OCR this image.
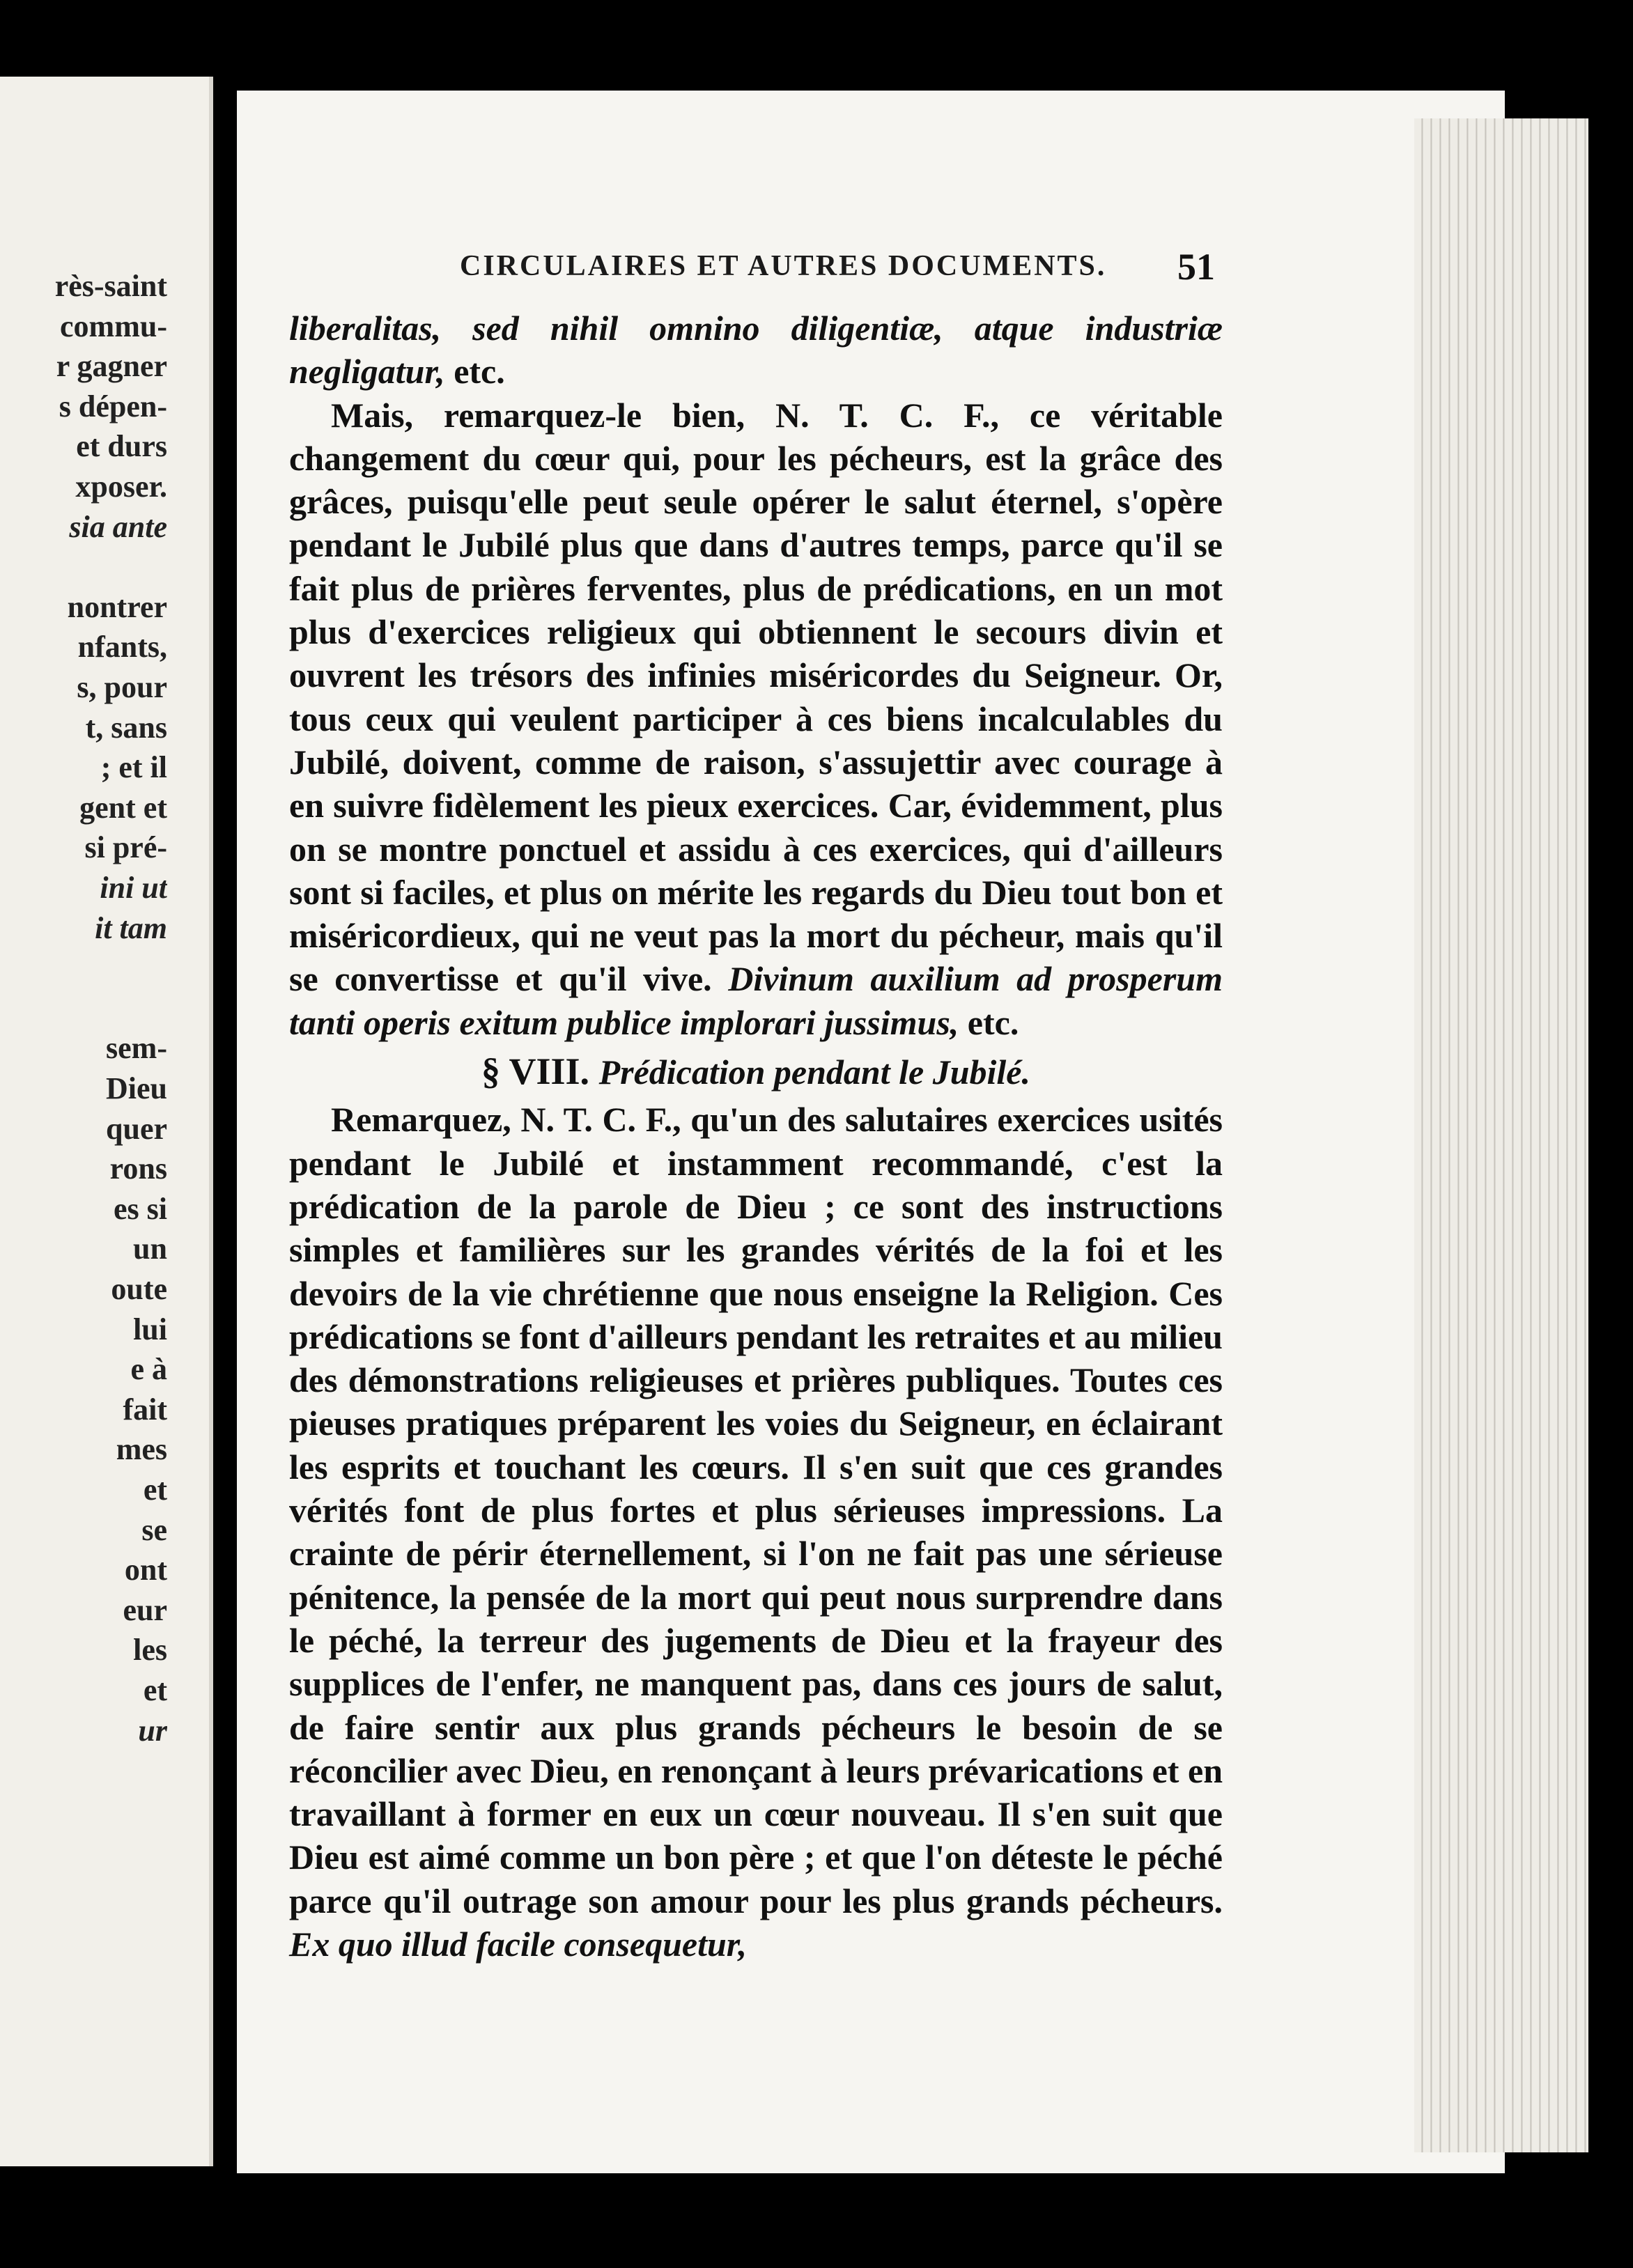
rès-saint
commu-
r gagner
s dépen-
et durs
xposer.
sia ante
nontrer
nfants,
s, pour
t, sans
; et il
gent et
si pré-
ini ut
it tam
sem-
Dieu
quer
rons
es si
un
oute
lui
e à
fait
mes
et
se
ont
eur
les
et
ur
CIRCULAIRES ET AUTRES DOCUMENTS.	51

liberalitas, sed nihil omnino diligentiæ, atque industriæ negligatur, etc.

Mais, remarquez-le bien, N. T. C. F., ce véritable changement du cœur qui, pour les pécheurs, est la grâce des grâces, puisqu'elle peut seule opérer le salut éternel, s'opère pendant le Jubilé plus que dans d'autres temps, parce qu'il se fait plus de prières ferventes, plus de prédications, en un mot plus d'exercices religieux qui obtiennent le secours divin et ouvrent les trésors des infinies miséricordes du Seigneur. Or, tous ceux qui veulent participer à ces biens incalculables du Jubilé, doivent, comme de raison, s'assujettir avec courage à en suivre fidèlement les pieux exercices. Car, évidemment, plus on se montre ponctuel et assidu à ces exercices, qui d'ailleurs sont si faciles, et plus on mérite les regards du Dieu tout bon et miséricordieux, qui ne veut pas la mort du pécheur, mais qu'il se convertisse et qu'il vive. Divinum auxilium ad prosperum tanti operis exitum publice implorari jussimus, etc.

§ VIII. Prédication pendant le Jubilé.

Remarquez, N. T. C. F., qu'un des salutaires exercices usités pendant le Jubilé et instamment recommandé, c'est la prédication de la parole de Dieu ; ce sont des instructions simples et familières sur les grandes vérités de la foi et les devoirs de la vie chrétienne que nous enseigne la Religion. Ces prédications se font d'ailleurs pendant les retraites et au milieu des démonstrations religieuses et prières publiques. Toutes ces pieuses pratiques préparent les voies du Seigneur, en éclairant les esprits et touchant les cœurs. Il s'en suit que ces grandes vérités font de plus fortes et plus sérieuses impressions. La crainte de périr éternellement, si l'on ne fait pas une sérieuse pénitence, la pensée de la mort qui peut nous surprendre dans le péché, la terreur des jugements de Dieu et la frayeur des supplices de l'enfer, ne manquent pas, dans ces jours de salut, de faire sentir aux plus grands pécheurs le besoin de se réconcilier avec Dieu, en renonçant à leurs prévarications et en travaillant à former en eux un cœur nouveau. Il s'en suit que Dieu est aimé comme un bon père ; et que l'on déteste le péché parce qu'il outrage son amour pour les plus grands pécheurs. Ex quo illud facile consequetur,
